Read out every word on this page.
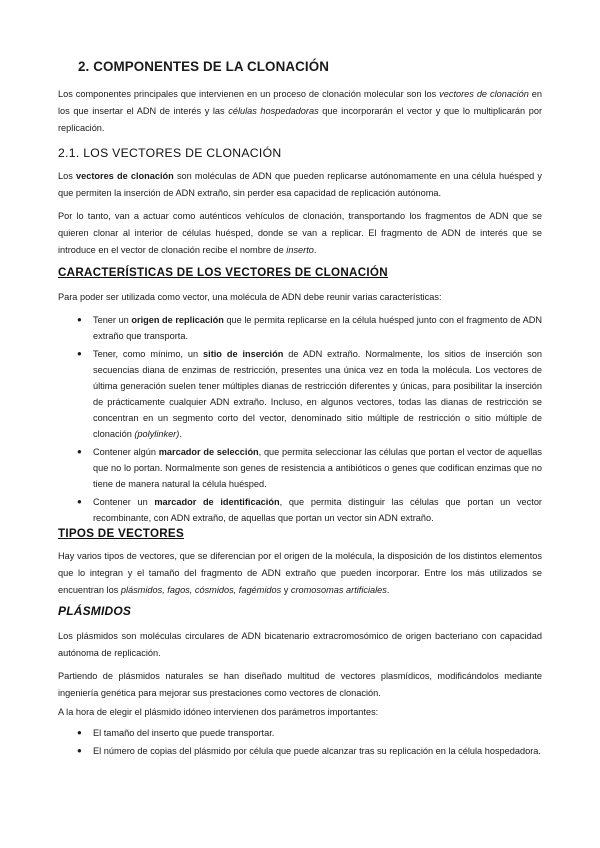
2. COMPONENTES DE LA CLONACIÓN
Los componentes principales que intervienen en un proceso de clonación molecular son los vectores de clonación en los que insertar el ADN de interés y las células hospedadoras que incorporarán el vector y que lo multiplicarán por replicación.
2.1. LOS VECTORES DE CLONACIÓN
Los vectores de clonación son moléculas de ADN que pueden replicarse autónomamente en una célula huésped y que permiten la inserción de ADN extraño, sin perder esa capacidad de replicación autónoma.
Por lo tanto, van a actuar como auténticos vehículos de clonación, transportando los fragmentos de ADN que se quieren clonar al interior de células huésped, donde se van a replicar. El fragmento de ADN de interés que se introduce en el vector de clonación recibe el nombre de inserto.
CARACTERÍSTICAS DE LOS VECTORES DE CLONACIÓN
Para poder ser utilizada como vector, una molécula de ADN debe reunir varias características:
● Tener un origen de replicación que le permita replicarse en la célula huésped junto con el fragmento de ADN extraño que transporta.
● Tener, como mínimo, un sitio de inserción de ADN extraño. Normalmente, los sitios de inserción son secuencias diana de enzimas de restricción, presentes una única vez en toda la molécula. Los vectores de última generación suelen tener múltiples dianas de restricción diferentes y únicas, para posibilitar la inserción de prácticamente cualquier ADN extraño. Incluso, en algunos vectores, todas las dianas de restricción se concentran en un segmento corto del vector, denominado sitio múltiple de restricción o sitio múltiple de clonación (polylinker).
● Contener algún marcador de selección, que permita seleccionar las células que portan el vector de aquellas que no lo portan. Normalmente son genes de resistencia a antibióticos o genes que codifican enzimas que no tiene de manera natural la célula huésped.
● Contener un marcador de identificación, que permita distinguir las células que portan un vector recombinante, con ADN extraño, de aquellas que portan un vector sin ADN extraño.
TIPOS DE VECTORES
Hay varios tipos de vectores, que se diferencian por el origen de la molécula, la disposición de los distintos elementos que lo integran y el tamaño del fragmento de ADN extraño que pueden incorporar. Entre los más utilizados se encuentran los plásmidos, fagos, cósmidos, fagémidos y cromosomas artificiales.
PLÁSMIDOS
Los plásmidos son moléculas circulares de ADN bicatenario extracromosómico de origen bacteriano con capacidad autónoma de replicación.
Partiendo de plásmidos naturales se han diseñado multitud de vectores plasmídicos, modificándolos mediante ingeniería genética para mejorar sus prestaciones como vectores de clonación.
A la hora de elegir el plásmido idóneo intervienen dos parámetros importantes:
● El tamaño del inserto que puede transportar.
● El número de copias del plásmido por célula que puede alcanzar tras su replicación en la célula hospedadora.
